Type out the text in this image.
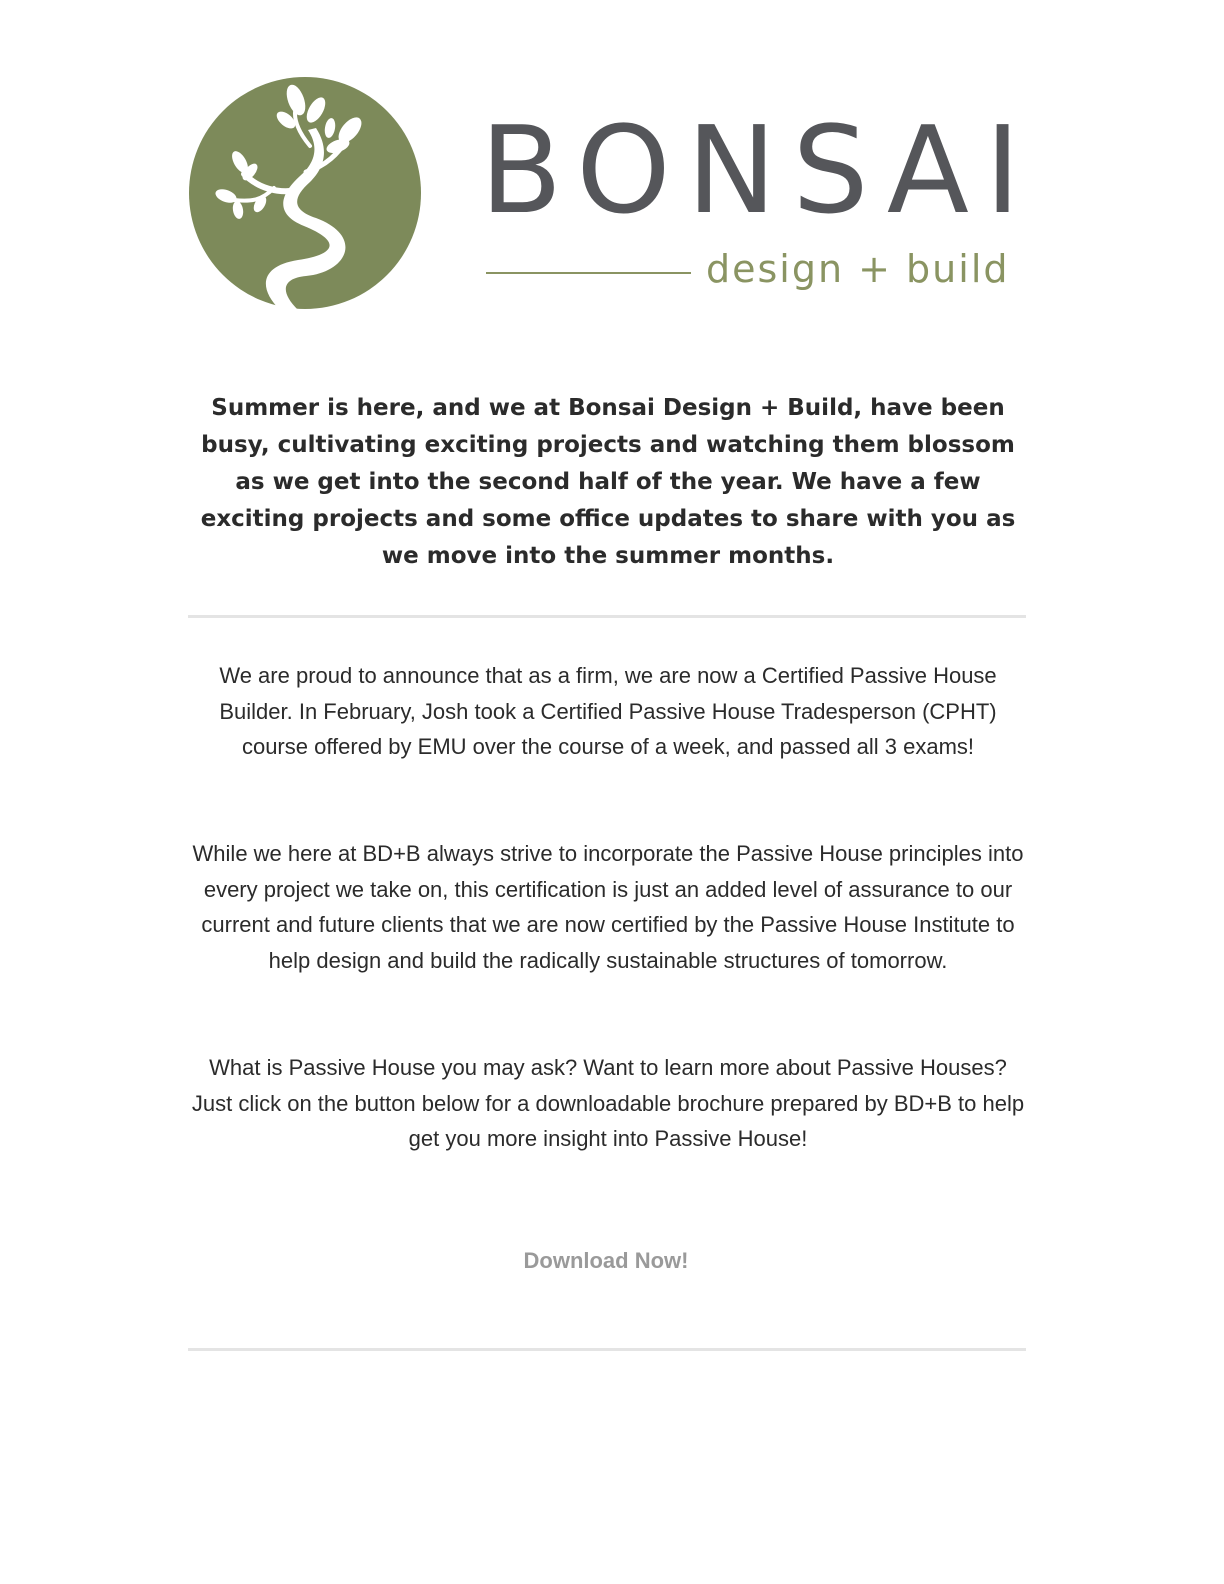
BONSAI
design + build

Summer is here, and we at Bonsai Design + Build, have been busy, cultivating exciting projects and watching them blossom as we get into the second half of the year. We have a few exciting projects and some office updates to share with you as we move into the summer months.

We are proud to announce that as a firm, we are now a Certified Passive House Builder. In February, Josh took a Certified Passive House Tradesperson (CPHT) course offered by EMU over the course of a week, and passed all 3 exams!

While we here at BD+B always strive to incorporate the Passive House principles into every project we take on, this certification is just an added level of assurance to our current and future clients that we are now certified by the Passive House Institute to help design and build the radically sustainable structures of tomorrow.

What is Passive House you may ask? Want to learn more about Passive Houses? Just click on the button below for a downloadable brochure prepared by BD+B to help get you more insight into Passive House!

Download Now!
